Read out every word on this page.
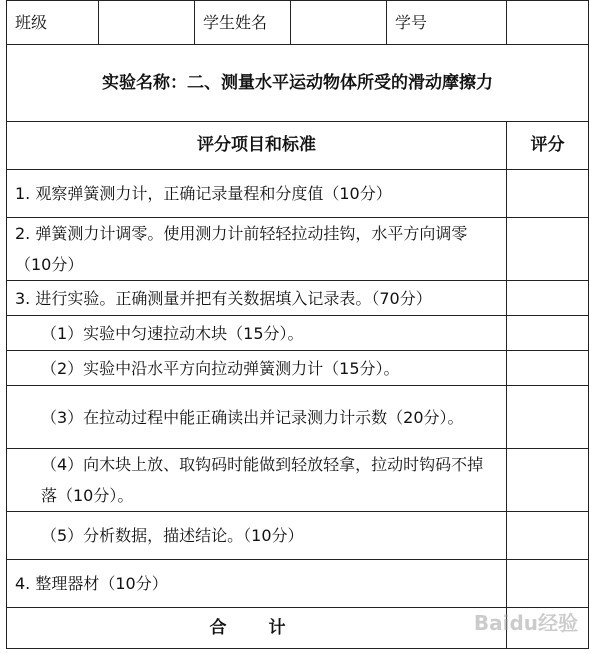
班级		学生姓名		学号	
实验名称：二、测量水平运动物体所受的滑动摩擦力					
评分项目和标准					评分
1. 观察弹簧测力计，正确记录量程和分度值（10分）					
2. 弹簧测力计调零。使用测力计前轻轻拉动挂钩，水平方向调零（10分）					
3. 进行实验。正确测量并把有关数据填入记录表。（70分）					
（1）实验中匀速拉动木块（15分）。					
（2）实验中沿水平方向拉动弹簧测力计（15分）。					
（3）在拉动过程中能正确读出并记录测力计示数（20分）。					
（4）向木块上放、取钩码时能做到轻放轻拿，拉动时钩码不掉落（10分）。					
（5）分析数据，描述结论。（10分）					
4. 整理器材（10分）					
合 计						Baidu经验
